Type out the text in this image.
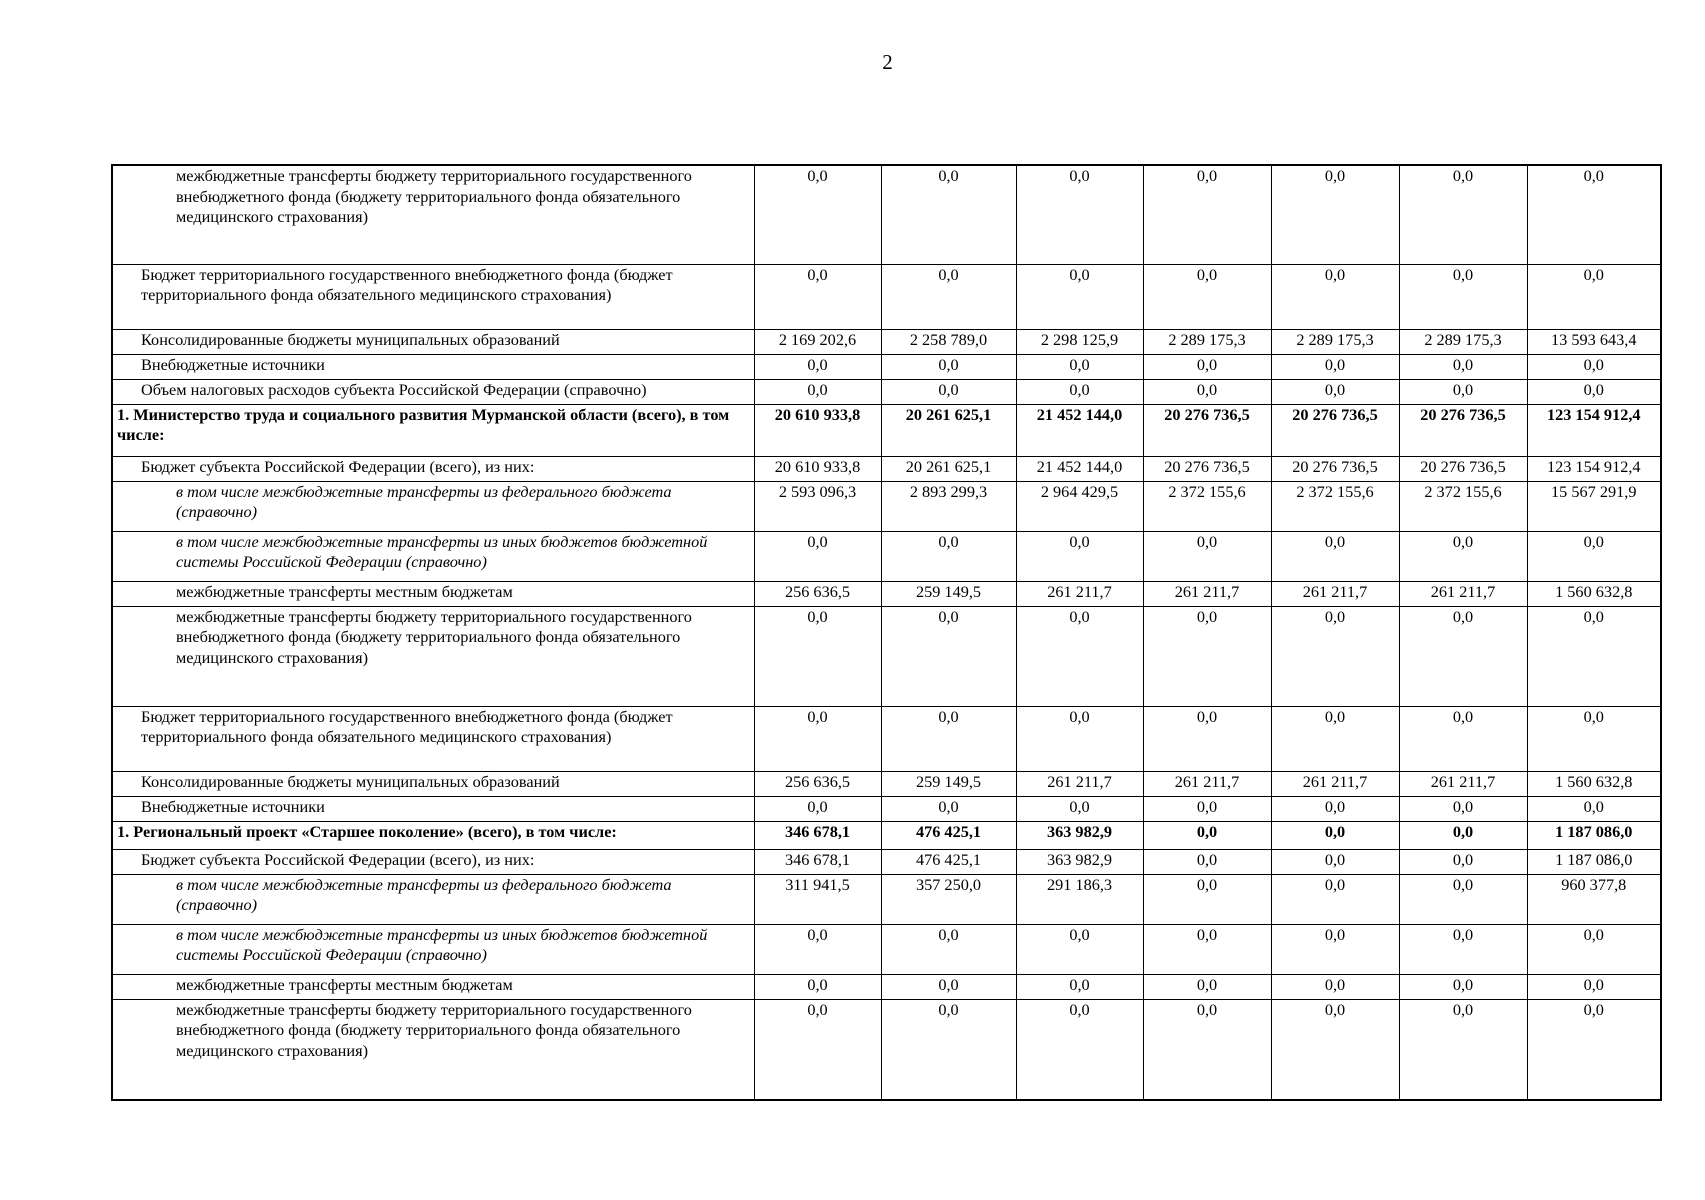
2
межбюджетные трансферты бюджету территориального государственного внебюджетного фонда (бюджету территориального фонда обязательного медицинского страхования)	0,0	0,0	0,0	0,0	0,0	0,0	0,0
Бюджет территориального государственного внебюджетного фонда (бюджет территориального фонда обязательного медицинского страхования)	0,0	0,0	0,0	0,0	0,0	0,0	0,0
Консолидированные бюджеты муниципальных образований	2 169 202,6	2 258 789,0	2 298 125,9	2 289 175,3	2 289 175,3	2 289 175,3	13 593 643,4
Внебюджетные источники	0,0	0,0	0,0	0,0	0,0	0,0	0,0
Объем налоговых расходов субъекта Российской Федерации (справочно)	0,0	0,0	0,0	0,0	0,0	0,0	0,0
1. Министерство труда и социального развития Мурманской области (всего), в том числе:	20 610 933,8	20 261 625,1	21 452 144,0	20 276 736,5	20 276 736,5	20 276 736,5	123 154 912,4
Бюджет субъекта Российской Федерации (всего), из них:	20 610 933,8	20 261 625,1	21 452 144,0	20 276 736,5	20 276 736,5	20 276 736,5	123 154 912,4
в том числе межбюджетные трансферты из федерального бюджета (справочно)	2 593 096,3	2 893 299,3	2 964 429,5	2 372 155,6	2 372 155,6	2 372 155,6	15 567 291,9
в том числе межбюджетные трансферты из иных бюджетов бюджетной системы Российской Федерации (справочно)	0,0	0,0	0,0	0,0	0,0	0,0	0,0
межбюджетные трансферты местным бюджетам	256 636,5	259 149,5	261 211,7	261 211,7	261 211,7	261 211,7	1 560 632,8
межбюджетные трансферты бюджету территориального государственного внебюджетного фонда (бюджету территориального фонда обязательного медицинского страхования)	0,0	0,0	0,0	0,0	0,0	0,0	0,0
Бюджет территориального государственного внебюджетного фонда (бюджет территориального фонда обязательного медицинского страхования)	0,0	0,0	0,0	0,0	0,0	0,0	0,0
Консолидированные бюджеты муниципальных образований	256 636,5	259 149,5	261 211,7	261 211,7	261 211,7	261 211,7	1 560 632,8
Внебюджетные источники	0,0	0,0	0,0	0,0	0,0	0,0	0,0
1. Региональный проект «Старшее поколение» (всего), в том числе:	346 678,1	476 425,1	363 982,9	0,0	0,0	0,0	1 187 086,0
Бюджет субъекта Российской Федерации (всего), из них:	346 678,1	476 425,1	363 982,9	0,0	0,0	0,0	1 187 086,0
в том числе межбюджетные трансферты из федерального бюджета (справочно)	311 941,5	357 250,0	291 186,3	0,0	0,0	0,0	960 377,8
в том числе межбюджетные трансферты из иных бюджетов бюджетной системы Российской Федерации (справочно)	0,0	0,0	0,0	0,0	0,0	0,0	0,0
межбюджетные трансферты местным бюджетам	0,0	0,0	0,0	0,0	0,0	0,0	0,0
межбюджетные трансферты бюджету территориального государственного внебюджетного фонда (бюджету территориального фонда обязательного медицинского страхования)	0,0	0,0	0,0	0,0	0,0	0,0	0,0
